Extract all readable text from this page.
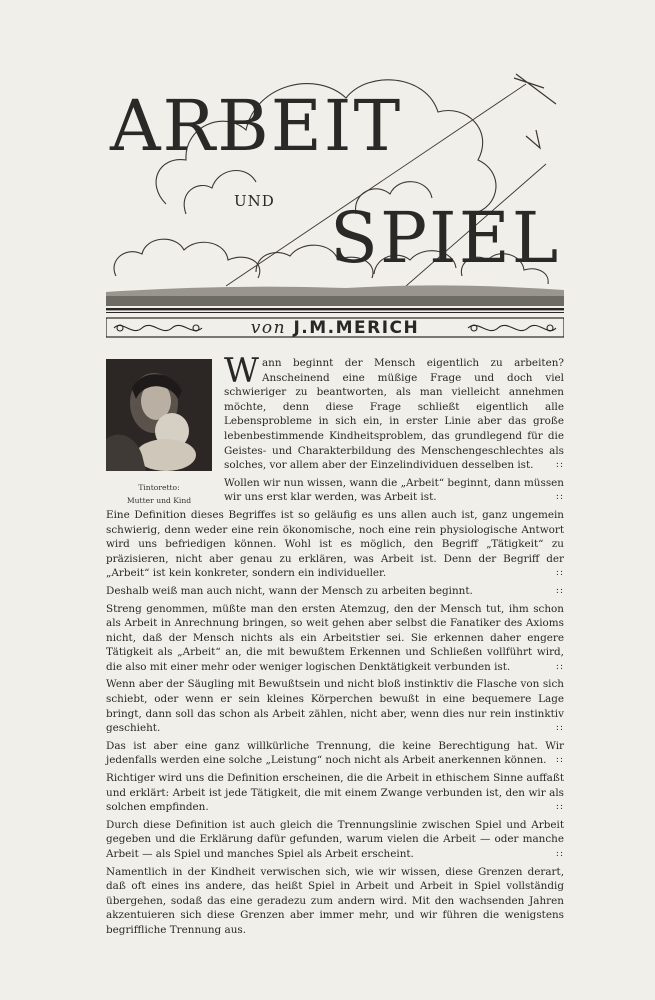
ARBEIT
UND SPIEL
von J.M.MERICH
Tintoretto:
Mutter und Kind

Wann beginnt der Mensch eigentlich zu arbeiten? Anscheinend eine müßige Frage und doch viel schwieriger zu beantworten, als man vielleicht annehmen möchte, denn diese Frage schließt eigentlich alle Lebensprobleme in sich ein, in erster Linie aber das große lebenbestimmende Kindheitsproblem, das grundlegend für die Geistes- und Charakterbildung des Menschengeschlechtes als solches, vor allem aber der Einzelindividuen desselben ist. ::

Wollen wir nun wissen, wann die „Arbeit“ beginnt, dann müssen wir uns erst klar werden, was Arbeit ist.	::

Eine Definition dieses Begriffes ist so geläufig es uns allen auch ist, ganz ungemein schwierig, denn weder eine rein ökonomische, noch eine rein physiologische Antwort wird uns befriedigen können. Wohl ist es möglich, den Begriff „Tätigkeit“ zu präzisieren, nicht aber genau zu erklären, was Arbeit ist. Denn der Begriff der „Arbeit“ ist kein konkreter, sondern ein individueller.	::

Deshalb weiß man auch nicht, wann der Mensch zu arbeiten beginnt.	::

Streng genommen, müßte man den ersten Atemzug, den der Mensch tut, ihm schon als Arbeit in Anrechnung bringen, so weit gehen aber selbst die Fanatiker des Axioms nicht, daß der Mensch nichts als ein Arbeitstier sei. Sie erkennen daher engere Tätigkeit als „Arbeit“ an, die mit bewußtem Erkennen und Schließen vollführt wird, die also mit einer mehr oder weniger logischen Denktätigkeit verbunden ist.	::

Wenn aber der Säugling mit Bewußtsein und nicht bloß instinktiv die Flasche von sich schiebt, oder wenn er sein kleines Körperchen bewußt in eine bequemere Lage bringt, dann soll das schon als Arbeit zählen, nicht aber, wenn dies nur rein instinktiv geschieht.	::

Das ist aber eine ganz willkürliche Trennung, die keine Berechtigung hat. Wir jedenfalls werden eine solche „Leistung“ noch nicht als Arbeit anerkennen können. ::

Richtiger wird uns die Definition erscheinen, die die Arbeit in ethischem Sinne auffaßt und erklärt: Arbeit ist jede Tätigkeit, die mit einem Zwange verbunden ist, den wir als solchen empfinden.	::

Durch diese Definition ist auch gleich die Trennungslinie zwischen Spiel und Arbeit gegeben und die Erklärung dafür gefunden, warum vielen die Arbeit — oder manche Arbeit — als Spiel und manches Spiel als Arbeit erscheint.	::

Namentlich in der Kindheit verwischen sich, wie wir wissen, diese Grenzen derart, daß oft eines ins andere, das heißt Spiel in Arbeit und Arbeit in Spiel vollständig übergehen, sodaß das eine geradezu zum andern wird. Mit den wachsenden Jahren akzentuieren sich diese Grenzen aber immer mehr, und wir führen die wenigstens begriffliche Trennung aus.
